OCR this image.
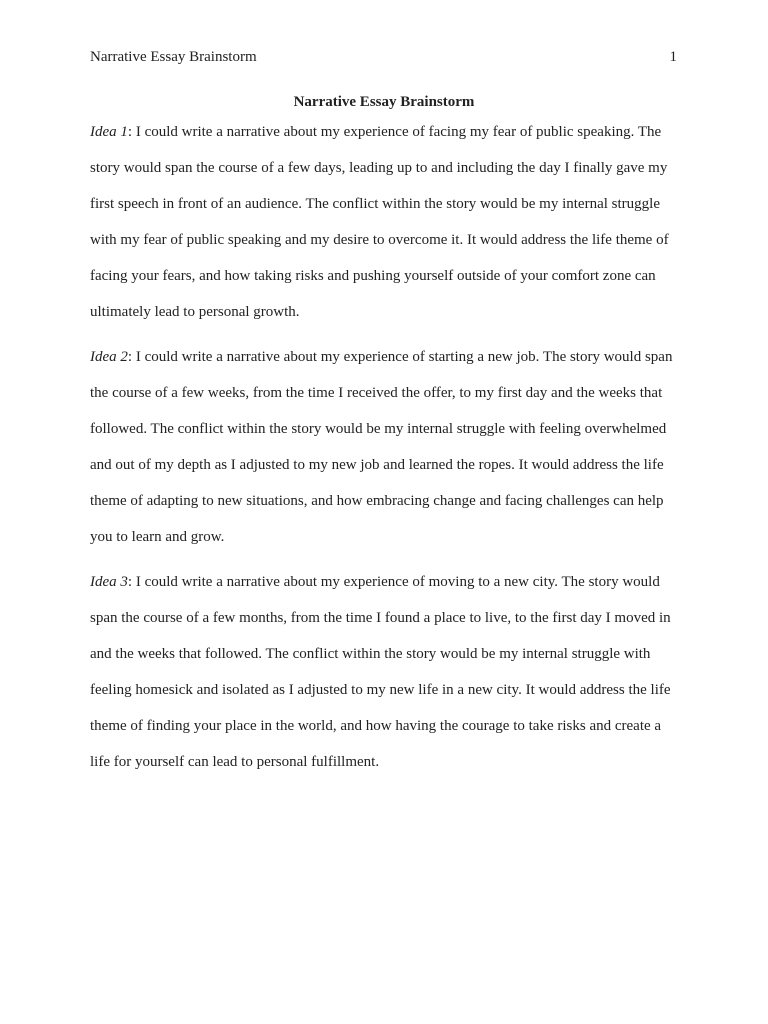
Narrative Essay Brainstorm	1
Narrative Essay Brainstorm

Idea 1: I could write a narrative about my experience of facing my fear of public speaking. The story would span the course of a few days, leading up to and including the day I finally gave my first speech in front of an audience. The conflict within the story would be my internal struggle with my fear of public speaking and my desire to overcome it. It would address the life theme of facing your fears, and how taking risks and pushing yourself outside of your comfort zone can ultimately lead to personal growth.

Idea 2: I could write a narrative about my experience of starting a new job. The story would span the course of a few weeks, from the time I received the offer, to my first day and the weeks that followed. The conflict within the story would be my internal struggle with feeling overwhelmed and out of my depth as I adjusted to my new job and learned the ropes. It would address the life theme of adapting to new situations, and how embracing change and facing challenges can help you to learn and grow.

Idea 3: I could write a narrative about my experience of moving to a new city. The story would span the course of a few months, from the time I found a place to live, to the first day I moved in and the weeks that followed. The conflict within the story would be my internal struggle with feeling homesick and isolated as I adjusted to my new life in a new city. It would address the life theme of finding your place in the world, and how having the courage to take risks and create a life for yourself can lead to personal fulfillment.
